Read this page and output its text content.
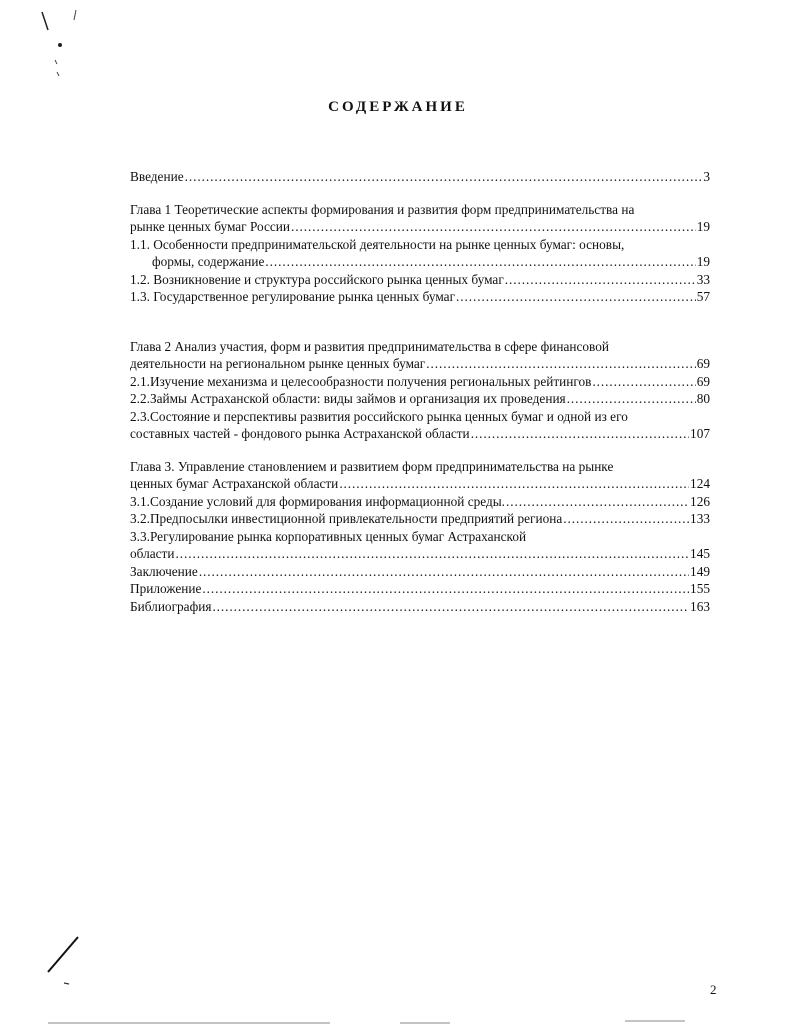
СОДЕРЖАНИЕ
Введение . . .	3
Глава 1 Теоретические аспекты формирования и развития форм предпринимательства на
рынке ценных бумаг России . . .	19
1.1. Особенности предпринимательской деятельности на рынке ценных бумаг: основы,
формы, содержание . . .	19
1.2. Возникновение и структура российского рынка ценных бумаг . . .	33
1.3. Государственное регулирование рынка ценных бумаг . . .	57
Глава 2 Анализ участия, форм и развития предпринимательства в сфере финансовой
деятельности на региональном рынке ценных бумаг . . .	69
2.1.Изучение механизма и целесообразности получения региональных рейтингов . . .	69
2.2.Займы Астраханской области: виды займов и организация их проведения . . .	80
2.3.Состояние и перспективы развития российского рынка ценных бумаг и одной из его
составных частей - фондового рынка Астраханской области . . .	107
Глава 3. Управление становлением и развитием форм предпринимательства на рынке
ценных бумаг Астраханской области . . .	124
3.1.Создание условий для формирования информационной среды. . . .	126
3.2.Предпосылки инвестиционной привлекательности предприятий региона . . .	133
3.3.Регулирование рынка корпоративных ценных бумаг Астраханской
области . . .	145
Заключение . . .	149
Приложение . . .	155
Библиография . . .	163
2
